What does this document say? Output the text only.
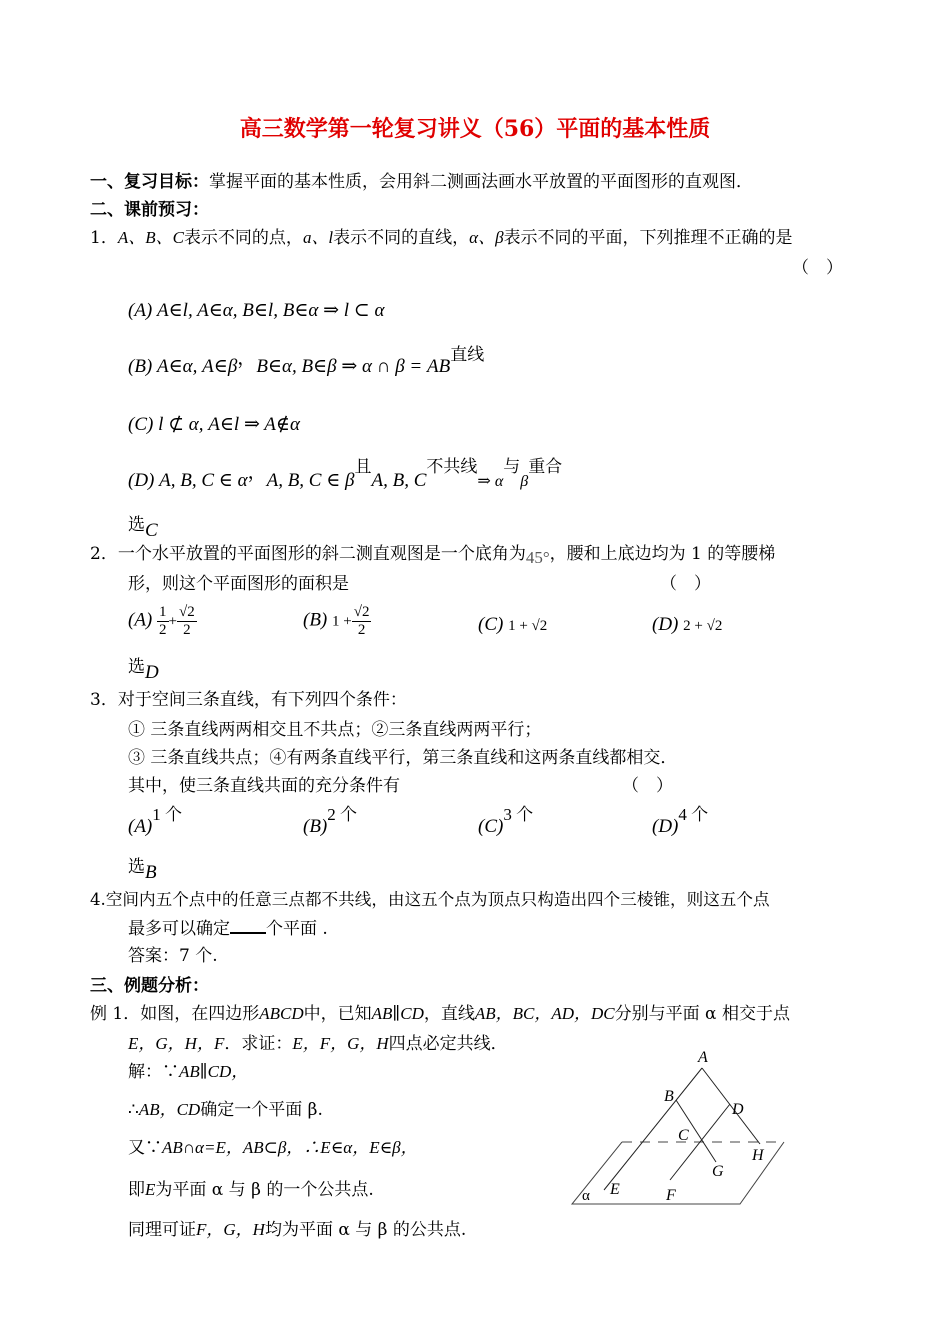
高三数学第一轮复习讲义（56）平面的基本性质
一、复习目标：掌握平面的基本性质，会用斜二测画法画水平放置的平面图形的直观图．
二、课前预习：
1．A、B、C表示不同的点，a、l表示不同的直线，α、β表示不同的平面，下列推理不正确的是
（　）
(A) A∈l, A∈α, B∈l, B∈α ⇒ l ⊂ α
(B) A∈α, A∈β，B∈α, B∈β ⇒ α ∩ β = AB直线
(C) l ⊄ α, A∈l ⇒ A∉α
(D) A, B, C ∈ α，A, B, C ∈ β且A, B, C不共线⇒ α与β重合
选C
2．一个水平放置的平面图形的斜二测直观图是一个底角为45°，腰和上底边均为 1 的等腰梯
形，则这个平面图形的面积是	（　）
$(A) \frac{1}{2} + \frac{√2}{2}$	(B) $1 + \frac{√2}{2}$	(C) 1 + √2	(D) 2 + √2
选D
3．对于空间三条直线，有下列四个条件：
① 三条直线两两相交且不共点；②三条直线两两平行；
③ 三条直线共点；④有两条直线平行，第三条直线和这两条直线都相交．
其中，使三条直线共面的充分条件有	（　）
(A)1 个
(B)2 个
(C)3 个
(D)4 个
选B
4.空间内五个点中的任意三点都不共线，由这五个点为顶点只构造出四个三棱锥，则这五个点
最多可以确定 个平面 .
答案：7 个.
三、例题分析：
例 1．如图，在四边形ABCD中，已知AB∥CD，直线AB，BC，AD，DC分别与平面 α 相交于点
E，G，H，F．求证：E，F，G，H四点必定共线．
解：∵AB∥CD，
∴AB，CD确定一个平面 β.
又∵AB∩α=E，AB⊂β，∴E∈α，E∈β，
即E为平面 α 与 β 的一个公共点.
同理可证F，G，H均为平面 α 与 β 的公共点.
A
B
D
C
H
G
E	F
α
